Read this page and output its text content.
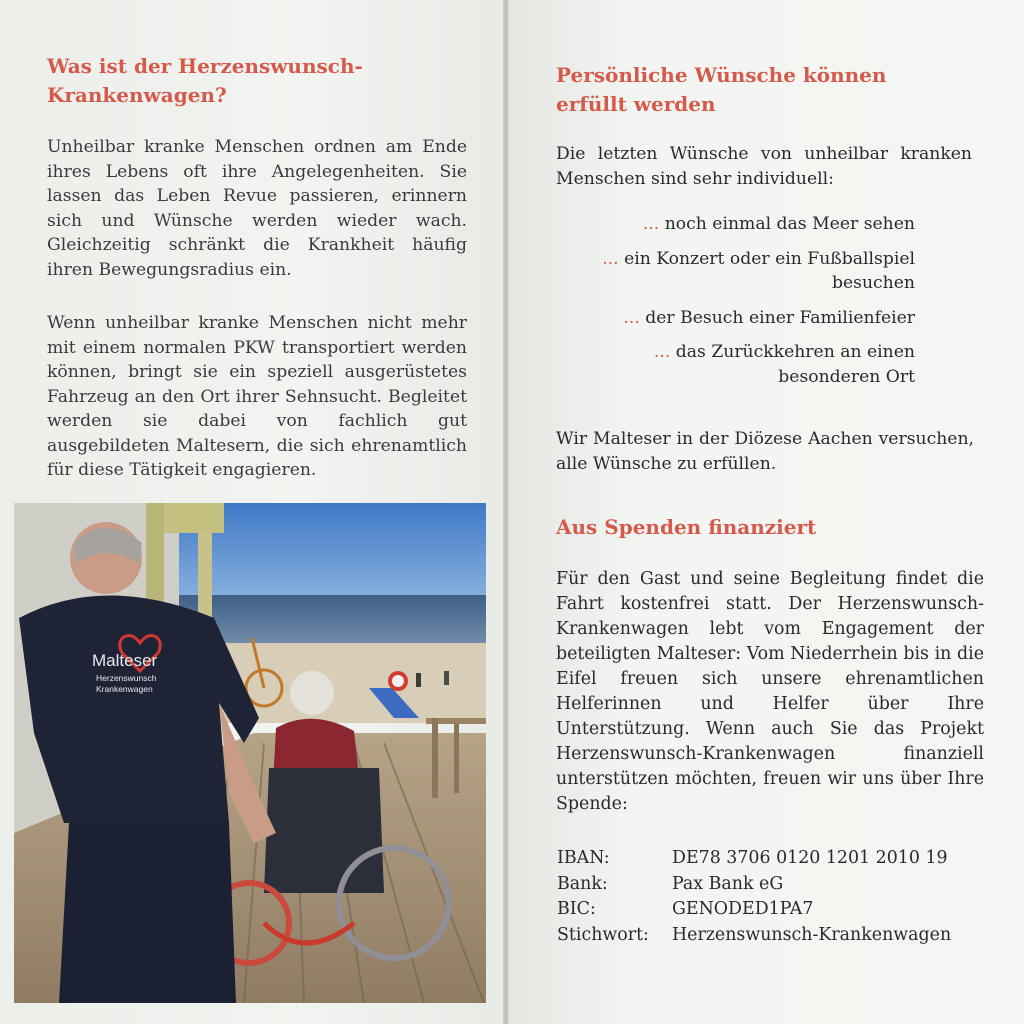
Was ist der Herzenswunsch-Krankenwagen?

Unheilbar kranke Menschen ordnen am Ende ihres Lebens oft ihre Angelegenheiten. Sie lassen das Leben Revue passieren, erinnern sich und Wünsche werden wieder wach. Gleichzeitig schränkt die Krankheit häufig ihren Bewegungsradius ein.

Wenn unheilbar kranke Menschen nicht mehr mit einem normalen PKW transportiert werden können, bringt sie ein speziell ausgerüstetes Fahrzeug an den Ort ihrer Sehnsucht. Begleitet werden sie dabei von fachlich gut ausgebildeten Maltesern, die sich ehrenamtlich für diese Tätigkeit engagieren.

Malteser
Herzenswunsch
Krankenwagen
Persönliche Wünsche können erfüllt werden

Die letzten Wünsche von unheilbar kranken Menschen sind sehr individuell:

... noch einmal das Meer sehen
... ein Konzert oder ein Fußballspiel besuchen
... der Besuch einer Familienfeier
... das Zurückkehren an einen besonderen Ort

Wir Malteser in der Diözese Aachen versuchen, alle Wünsche zu erfüllen.

Aus Spenden finanziert

Für den Gast und seine Begleitung findet die Fahrt kostenfrei statt. Der Herzenswunsch-Krankenwagen lebt vom Engagement der beteiligten Malteser: Vom Niederrhein bis in die Eifel freuen sich unsere ehrenamtlichen Helferinnen und Helfer über Ihre Unterstützung. Wenn auch Sie das Projekt Herzenswunsch-Krankenwagen finanziell unterstützen möchten, freuen wir uns über Ihre Spende:

IBAN:	DE78 3706 0120 1201 2010 19
Bank:	Pax Bank eG
BIC:	GENODED1PA7
Stichwort:	Herzenswunsch-Krankenwagen
